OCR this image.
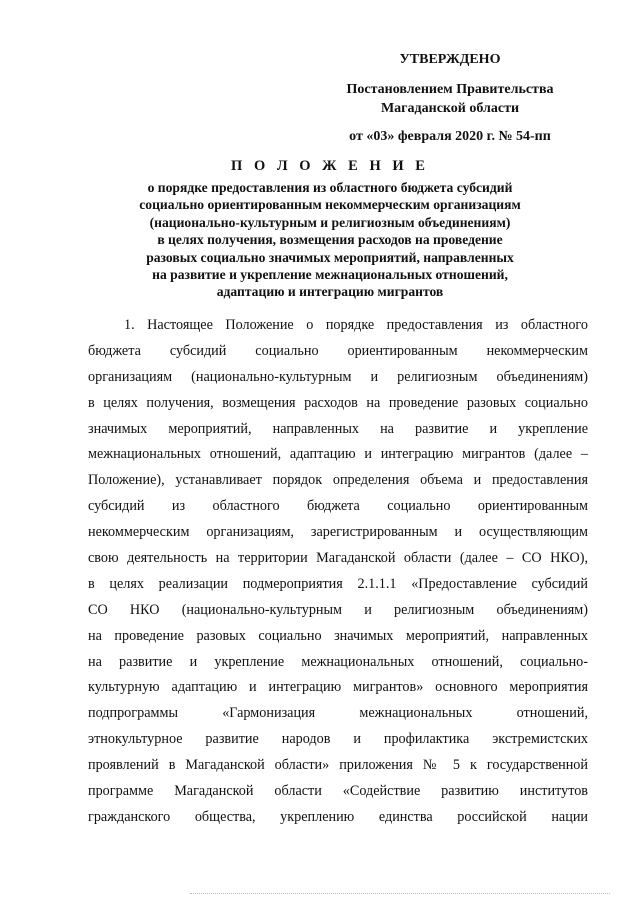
УТВЕРЖДЕНО
Постановлением Правительства
Магаданской области
от «03» февраля 2020 г. № 54-пп
П О Л О Ж Е Н И Е
о порядке предоставления из областного бюджета субсидий
социально ориентированным некоммерческим организациям
(национально-культурным и религиозным объединениям)
в целях получения, возмещения расходов на проведение
разовых социально значимых мероприятий, направленных
на развитие и укрепление межнациональных отношений,
адаптацию и интеграцию мигрантов
1. Настоящее Положение о порядке предоставления из областного
бюджета субсидий социально ориентированным некоммерческим
организациям (национально-культурным и религиозным объединениям)
в целях получения, возмещения расходов на проведение разовых социально
значимых мероприятий, направленных на развитие и укрепление
межнациональных отношений, адаптацию и интеграцию мигрантов (далее –
Положение), устанавливает порядок определения объема и предоставления
субсидий из областного бюджета социально ориентированным
некоммерческим организациям, зарегистрированным и осуществляющим
свою деятельность на территории Магаданской области (далее – СО НКО),
в целях реализации подмероприятия 2.1.1.1 «Предоставление субсидий
СО НКО (национально-культурным и религиозным объединениям)
на проведение разовых социально значимых мероприятий, направленных
на развитие и укрепление межнациональных отношений, социально-
культурную адаптацию и интеграцию мигрантов» основного мероприятия
подпрограммы «Гармонизация межнациональных отношений,
этнокультурное развитие народов и профилактика экстремистских
проявлений в Магаданской области» приложения № 5 к государственной
программе Магаданской области «Содействие развитию институтов
гражданского общества, укреплению единства российской нации
